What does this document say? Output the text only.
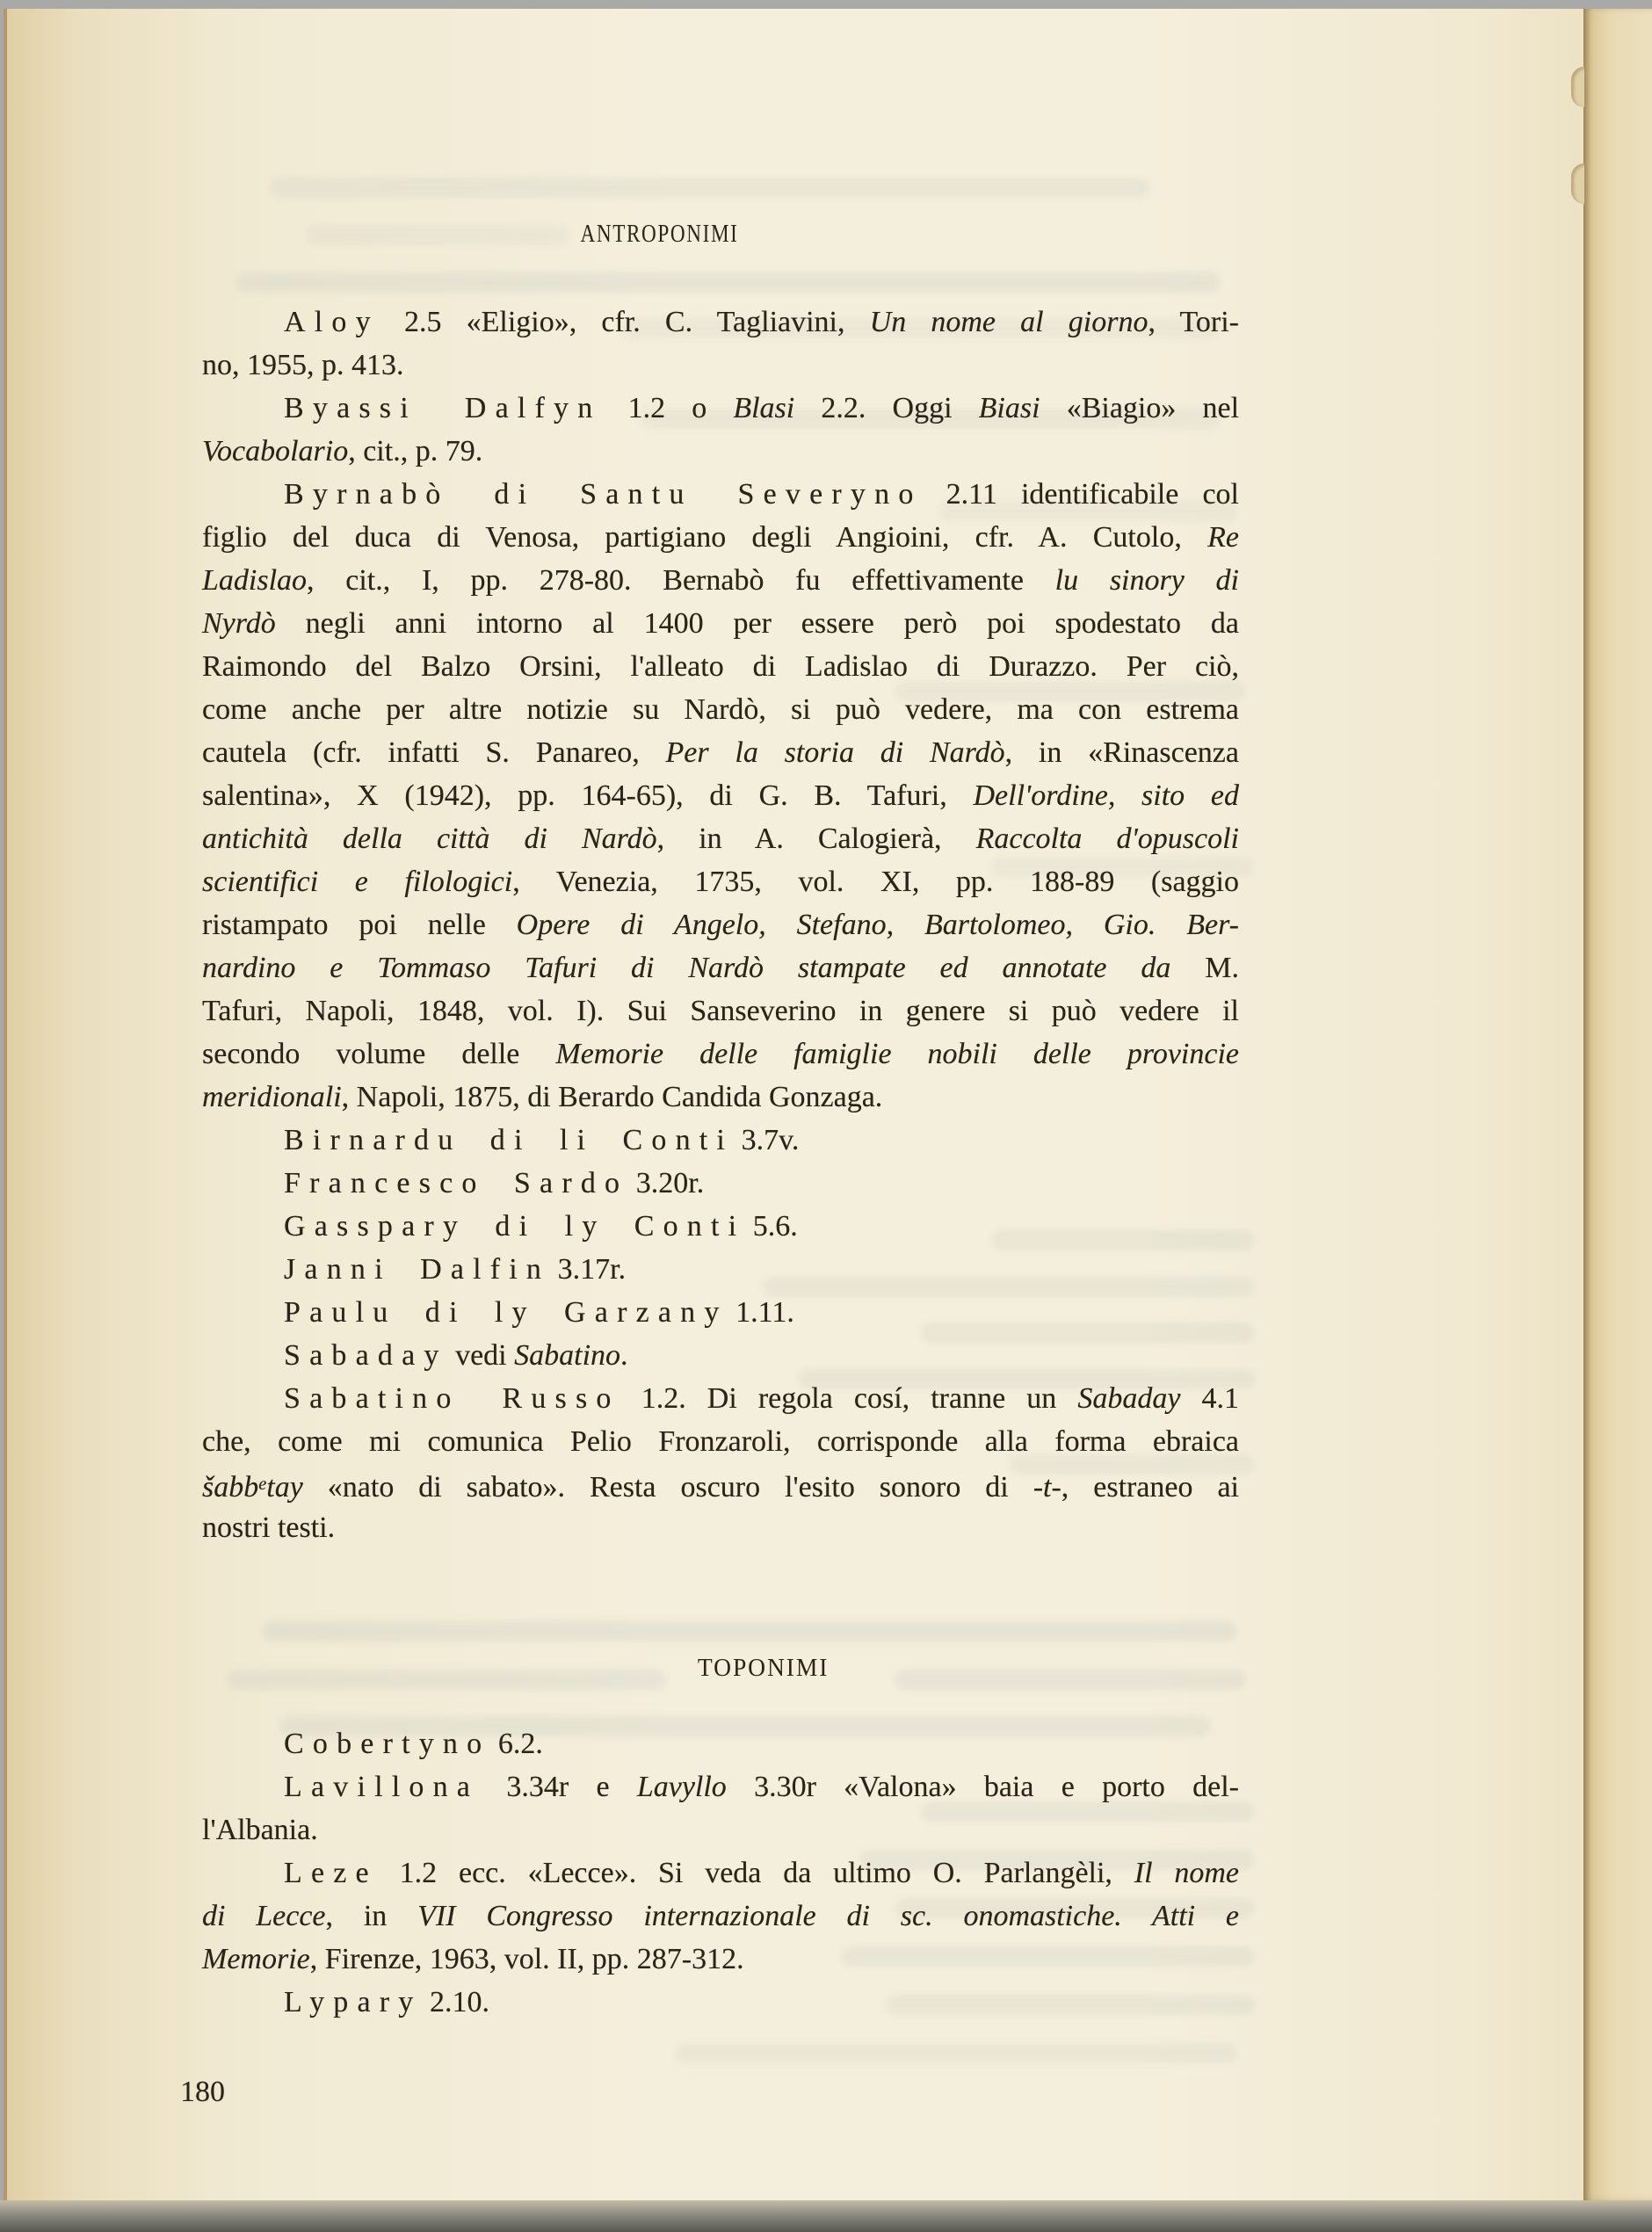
ANTROPONIMI
Aloy 2.5 «Eligio», cfr. C. Tagliavini, Un nome al giorno, Tori-
no, 1955, p. 413.
Byassi Dalfyn 1.2 o Blasi 2.2. Oggi Biasi «Biagio» nel
Vocabolario, cit., p. 79.
Byrnabò di Santu Severyno 2.11 identificabile col
figlio del duca di Venosa, partigiano degli Angioini, cfr. A. Cutolo, Re
Ladislao, cit., I, pp. 278-80. Bernabò fu effettivamente lu sinory di
Nyrdò negli anni intorno al 1400 per essere però poi spodestato da
Raimondo del Balzo Orsini, l'alleato di Ladislao di Durazzo. Per ciò,
come anche per altre notizie su Nardò, si può vedere, ma con estrema
cautela (cfr. infatti S. Panareo, Per la storia di Nardò, in «Rinascenza
salentina», X (1942), pp. 164-65), di G. B. Tafuri, Dell'ordine, sito ed
antichità della città di Nardò, in A. Calogierà, Raccolta d'opuscoli
scientifici e filologici, Venezia, 1735, vol. XI, pp. 188-89 (saggio
ristampato poi nelle Opere di Angelo, Stefano, Bartolomeo, Gio. Ber-
nardino e Tommaso Tafuri di Nardò stampate ed annotate da M.
Tafuri, Napoli, 1848, vol. I). Sui Sanseverino in genere si può vedere il
secondo volume delle Memorie delle famiglie nobili delle provincie
meridionali, Napoli, 1875, di Berardo Candida Gonzaga.
Birnardu di li Conti 3.7v.
Francesco Sardo 3.20r.
Gasspary di ly Conti 5.6.
Janni Dalfin 3.17r.
Paulu di ly Garzany 1.11.
Sabaday vedi Sabatino.
Sabatino Russo 1.2. Di regola cosí, tranne un Sabaday 4.1
che, come mi comunica Pelio Fronzaroli, corrisponde alla forma ebraica
šabb$^e$tay «nato di sabato». Resta oscuro l'esito sonoro di -t-, estraneo ai
nostri testi.
TOPONIMI
Cobertyno 6.2.
Lavillona 3.34r e Lavyllo 3.30r «Valona» baia e porto del-
l'Albania.
Leze 1.2 ecc. «Lecce». Si veda da ultimo O. Parlangèli, Il nome
di Lecce, in VII Congresso internazionale di sc. onomastiche. Atti e
Memorie, Firenze, 1963, vol. II, pp. 287-312.
Lypary 2.10.
180
